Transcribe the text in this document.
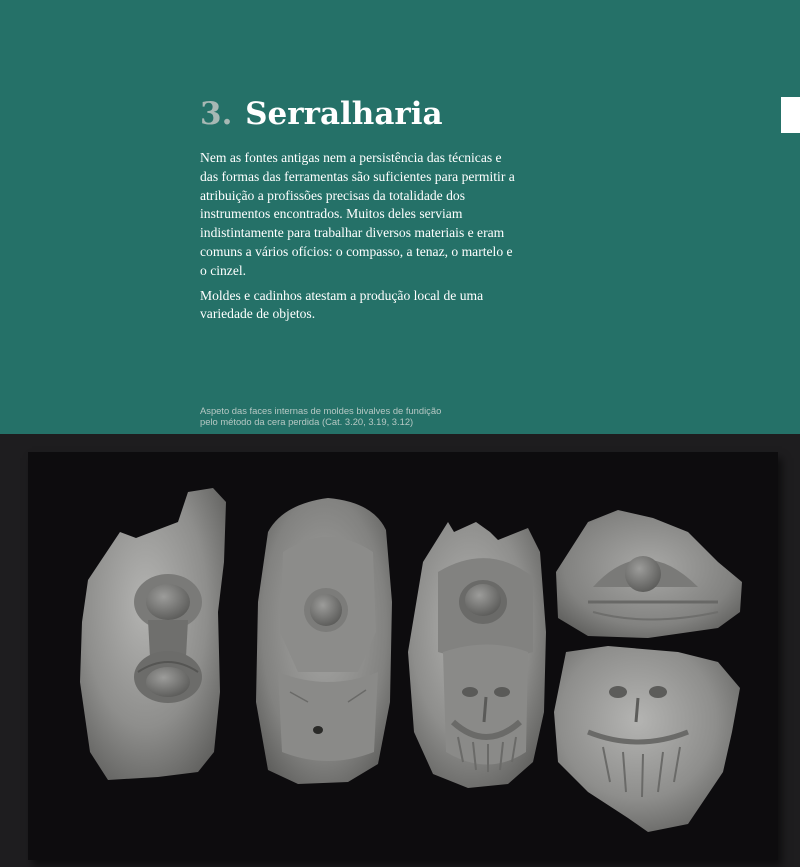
3. Serralharia

Nem as fontes antigas nem a persistência das técnicas e das formas das ferramentas são suficientes para permitir a atribuição a profissões precisas da totalidade dos instrumentos encontrados. Muitos deles serviam indistintamente para trabalhar diversos materiais e eram comuns a vários ofícios: o compasso, a tenaz, o martelo e o cinzel.

Moldes e cadinhos atestam a produção local de uma variedade de objetos.

Aspeto das faces internas de moldes bivalves de fundição pelo método da cera perdida (Cat. 3.20, 3.19, 3.12)
